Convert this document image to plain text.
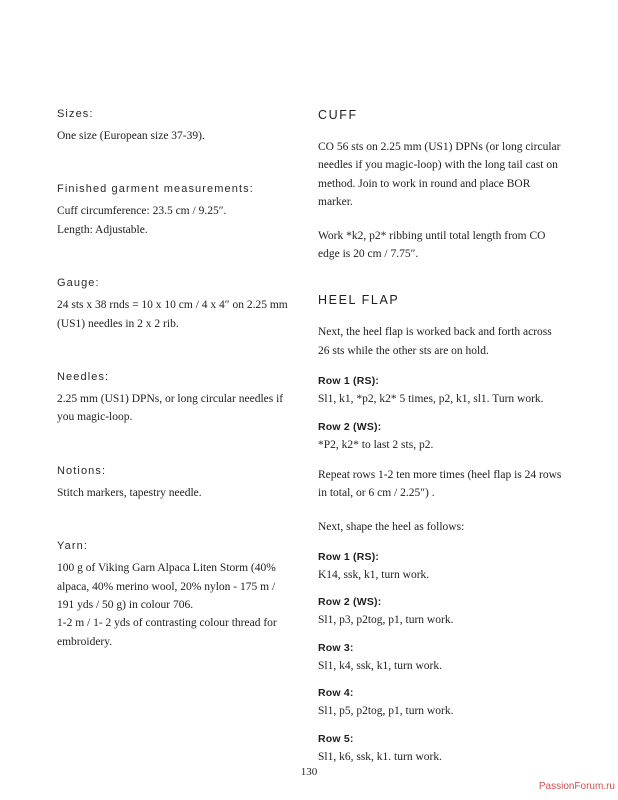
Sizes:

One size (European size 37-39).

Finished garment measurements:

Cuff circumference: 23.5 cm / 9.25″.

Length: Adjustable.

Gauge:

24 sts x 38 rnds = 10 x 10 cm / 4 x 4″ on 2.25 mm (US1) needles in 2 x 2 rib.

Needles:

2.25 mm (US1) DPNs, or long circular needles if you magic-loop.

Notions:

Stitch markers, tapestry needle.

Yarn:

100 g of Viking Garn Alpaca Liten Storm (40% alpaca, 40% merino wool, 20% nylon - 175 m / 191 yds / 50 g) in colour 706.

1-2 m / 1- 2 yds of contrasting colour thread for embroidery.

CUFF

CO 56 sts on 2.25 mm (US1) DPNs (or long circular needles if you magic-loop) with the long tail cast on method. Join to work in round and place BOR marker.

Work *k2, p2* ribbing until total length from CO edge is 20 cm / 7.75″.

HEEL FLAP

Next, the heel flap is worked back and forth across 26 sts while the other sts are on hold.

Row 1 (RS):

Sl1, k1, *p2, k2* 5 times, p2, k1, sl1. Turn work.

Row 2 (WS):

*P2, k2* to last 2 sts, p2.

Repeat rows 1-2 ten more times (heel flap is 24 rows in total, or 6 cm / 2.25″) .

Next, shape the heel as follows:

Row 1 (RS):

K14, ssk, k1, turn work.

Row 2 (WS):

Sl1, p3, p2tog, p1, turn work.

Row 3:

Sl1, k4, ssk, k1, turn work.

Row 4:

Sl1, p5, p2tog, p1, turn work.

Row 5:

Sl1, k6, ssk, k1. turn work.

130
PassionForum.ru
